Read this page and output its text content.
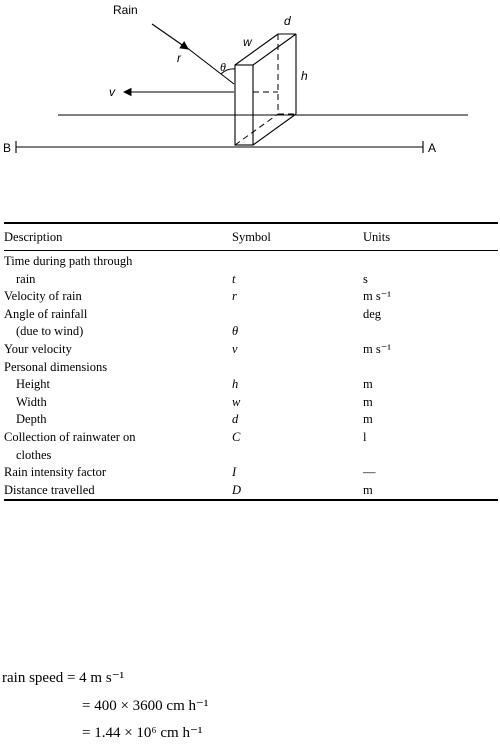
Rain
r
θ
v
w
d
h
B	A
Description	Symbol	Units
Time during path through		
rain	t	s
Velocity of rain	r	m s⁻¹
Angle of rainfall		deg
(due to wind)	θ	
Your velocity	v	m s⁻¹
Personal dimensions		
Height	h	m
Width	w	m
Depth	d	m
Collection of rainwater on	C	l
clothes		
Rain intensity factor	I	—
Distance travelled	D	m
rain speed = 4 m s⁻¹
= 400 × 3600 cm h⁻¹
= 1.44 × 10⁶ cm h⁻¹
